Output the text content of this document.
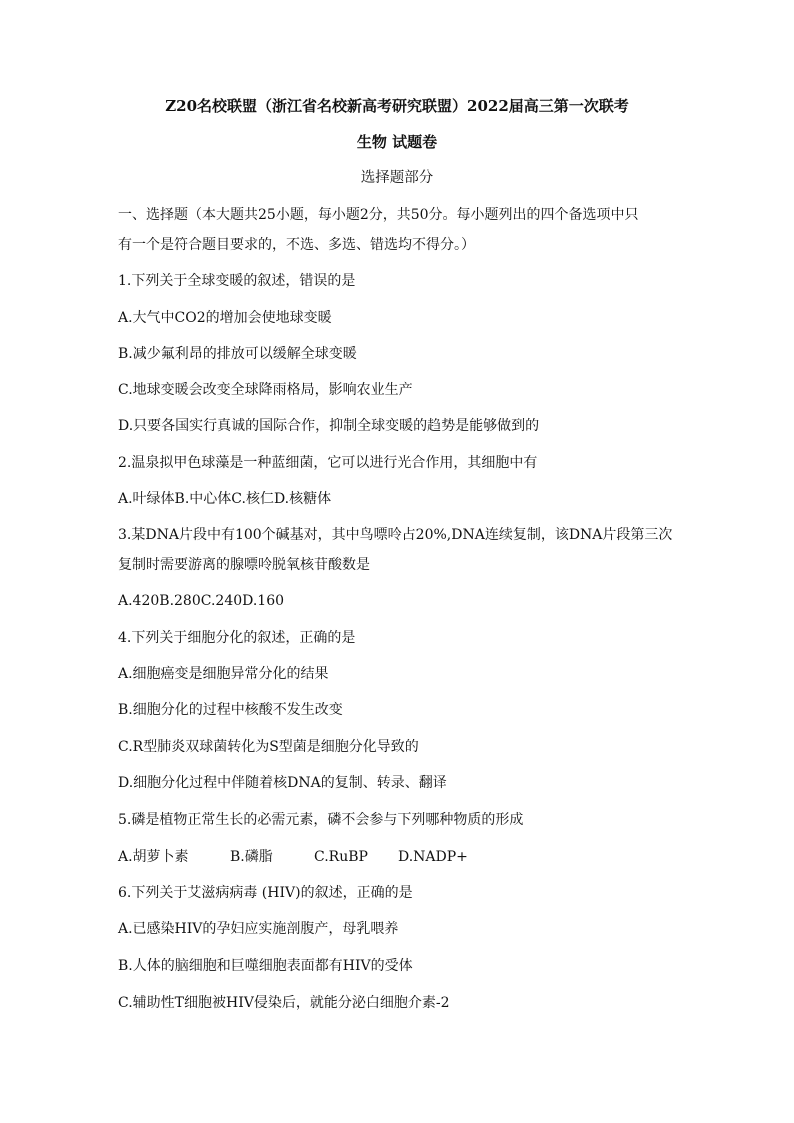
Z20名校联盟（浙江省名校新高考研究联盟）2022届高三第一次联考
生物 试题卷
选择题部分
一、选择题（本大题共25小题，每小题2分，共50分。每小题列出的四个备选项中只
有一个是符合题目要求的，不选、多选、错选均不得分。）
1.下列关于全球变暖的叙述，错误的是
A.大气中CO2的增加会使地球变暖
B.减少氟利昂的排放可以缓解全球变暖
C.地球变暖会改变全球降雨格局，影响农业生产
D.只要各国实行真诚的国际合作，抑制全球变暖的趋势是能够做到的
2.温泉拟甲色球藻是一种蓝细菌，它可以进行光合作用，其细胞中有
A.叶绿体B.中心体C.核仁D.核糖体
3.某DNA片段中有100个碱基对，其中鸟嘌呤占20%,DNA连续复制，该DNA片段第三次
复制时需要游离的腺嘌呤脱氧核苷酸数是
A.420B.280C.240D.160
4.下列关于细胞分化的叙述，正确的是
A.细胞癌变是细胞异常分化的结果
B.细胞分化的过程中核酸不发生改变
C.R型肺炎双球菌转化为S型菌是细胞分化导致的
D.细胞分化过程中伴随着核DNA的复制、转录、翻译
5.磷是植物正常生长的必需元素，磷不会参与下列哪种物质的形成
A.胡萝卜素	B.磷脂	C.RuBP D.NADP+
6.下列关于艾滋病病毒 (HIV)的叙述，正确的是
A.已感染HIV的孕妇应实施剖腹产，母乳喂养
B.人体的脑细胞和巨噬细胞表面都有HIV的受体
C.辅助性T细胞被HIV侵染后，就能分泌白细胞介素-2
